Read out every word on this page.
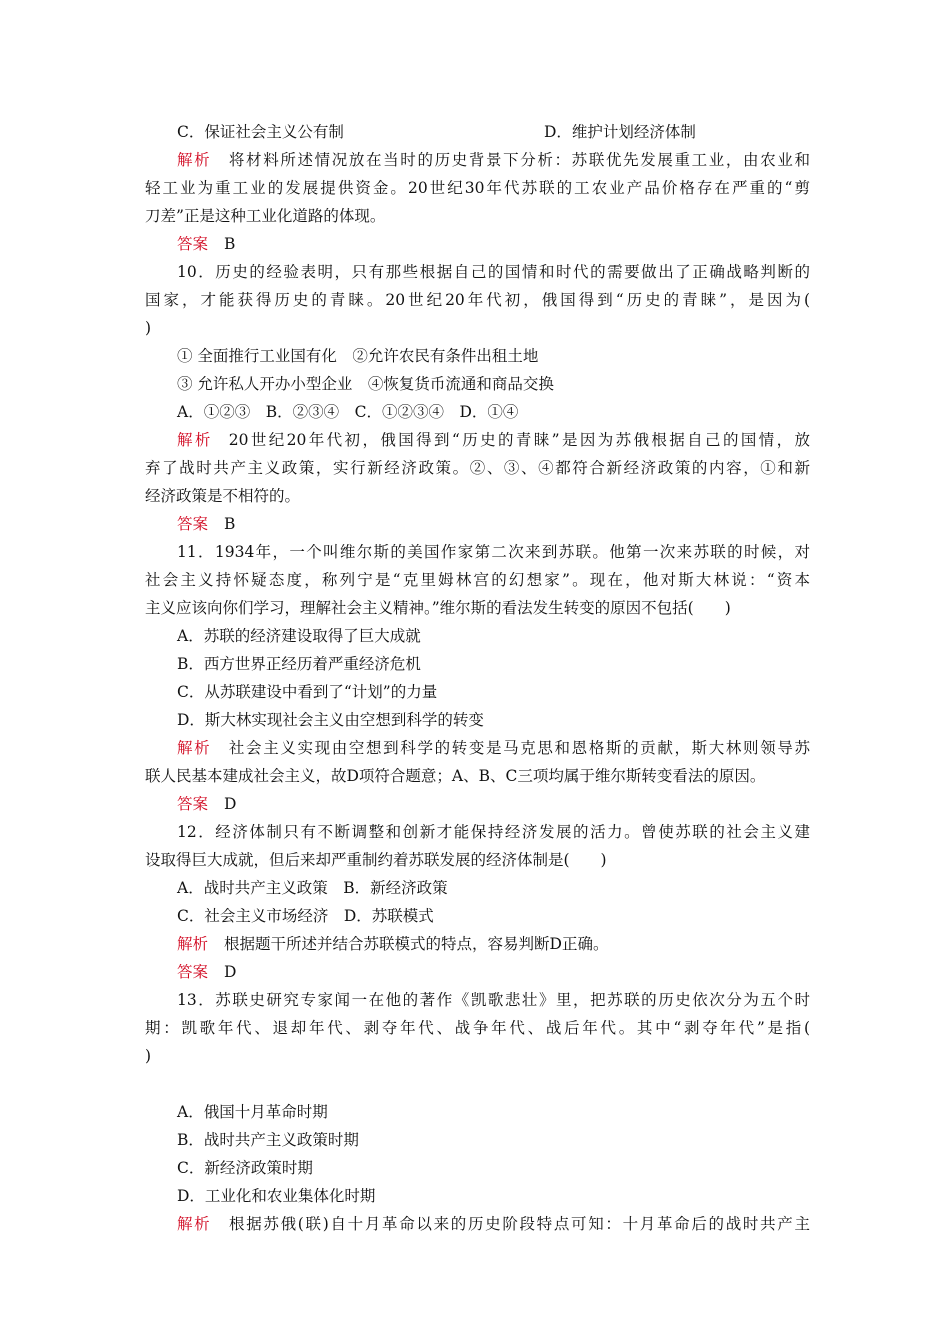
C．保证社会主义公有制	D．维护计划经济体制
解析 将材料所述情况放在当时的历史背景下分析：苏联优先发展重工业，由农业和
轻工业为重工业的发展提供资金。20世纪30年代苏联的工农业产品价格存在严重的“剪
刀差”正是这种工业化道路的体现。
答案 B
10．历史的经验表明，只有那些根据自己的国情和时代的需要做出了正确战略判断的
国家，才能获得历史的青睐。20世纪20年代初，俄国得到“历史的青睐”，是因为(
)
① 全面推行工业国有化　②允许农民有条件出租土地
③ 允许私人开办小型企业　④恢复货币流通和商品交换
A．①②③　B．②③④　C．①②③④　D．①④
解析 20世纪20年代初，俄国得到“历史的青睐”是因为苏俄根据自己的国情，放
弃了战时共产主义政策，实行新经济政策。②、③、④都符合新经济政策的内容，①和新
经济政策是不相符的。
答案 B
11．1934年，一个叫维尔斯的美国作家第二次来到苏联。他第一次来苏联的时候，对
社会主义持怀疑态度，称列宁是“克里姆林宫的幻想家”。现在，他对斯大林说：“资本
主义应该向你们学习，理解社会主义精神。”维尔斯的看法发生转变的原因不包括(　　)
A．苏联的经济建设取得了巨大成就
B．西方世界正经历着严重经济危机
C．从苏联建设中看到了“计划”的力量
D．斯大林实现社会主义由空想到科学的转变
解析 社会主义实现由空想到科学的转变是马克思和恩格斯的贡献，斯大林则领导苏
联人民基本建成社会主义，故D项符合题意；A、B、C三项均属于维尔斯转变看法的原因。
答案 D
12．经济体制只有不断调整和创新才能保持经济发展的活力。曾使苏联的社会主义建
设取得巨大成就，但后来却严重制约着苏联发展的经济体制是(　　)
A．战时共产主义政策　B．新经济政策
C．社会主义市场经济　D．苏联模式
解析 根据题干所述并结合苏联模式的特点，容易判断D正确。
答案 D
13．苏联史研究专家闻一在他的著作《凯歌悲壮》里，把苏联的历史依次分为五个时
期：凯歌年代、退却年代、剥夺年代、战争年代、战后年代。其中“剥夺年代”是指(
)

A．俄国十月革命时期
B．战时共产主义政策时期
C．新经济政策时期
D．工业化和农业集体化时期
解析 根据苏俄(联)自十月革命以来的历史阶段特点可知：十月革命后的战时共产主
